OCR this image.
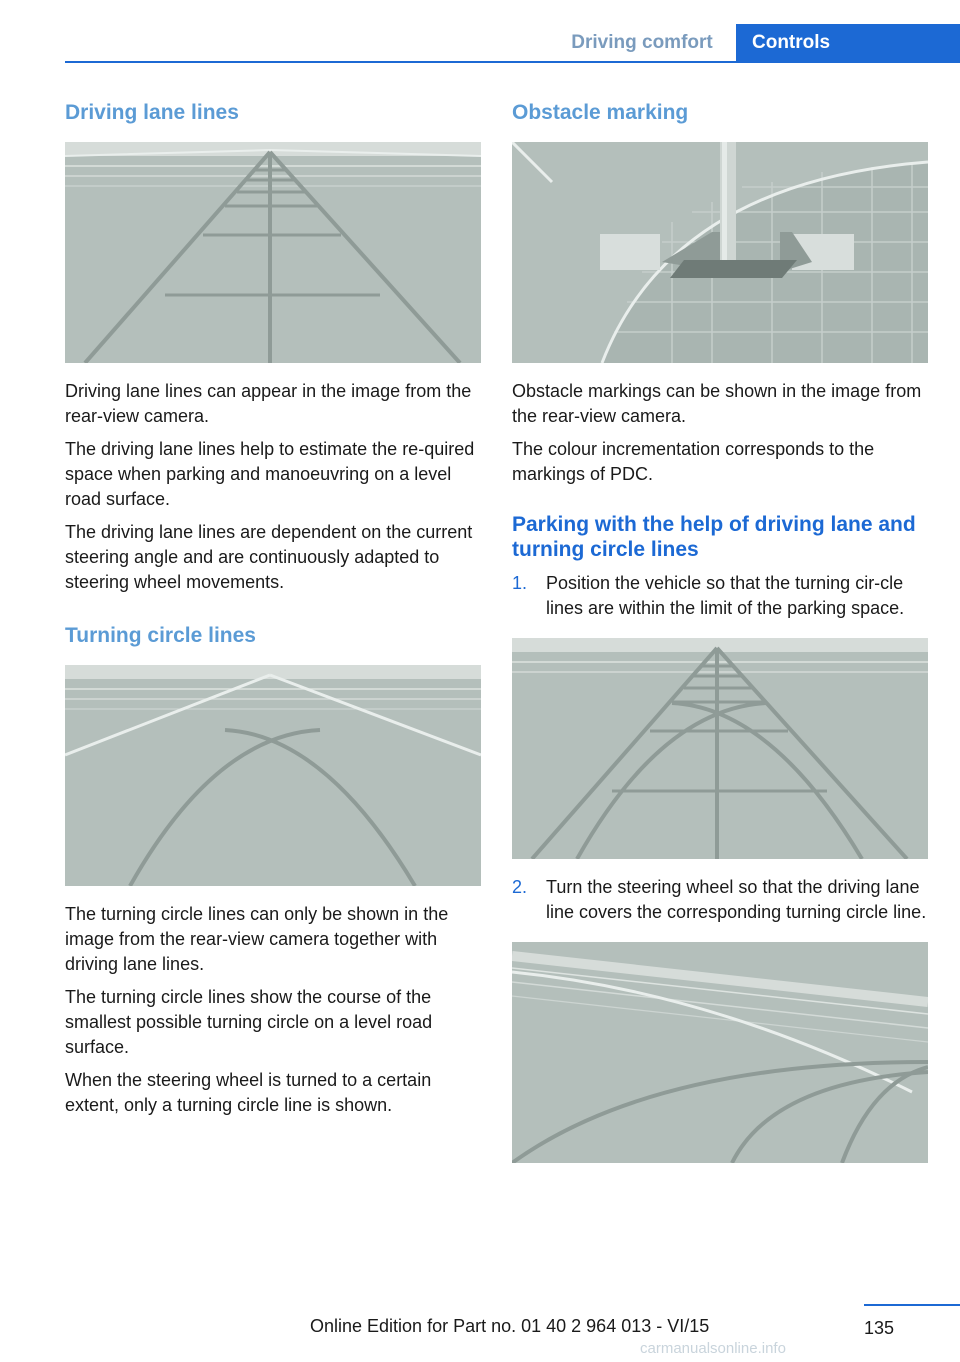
Driving comfort	Controls
Driving lane lines

Driving lane lines can appear in the image from the rear-view camera.

The driving lane lines help to estimate the re‐quired space when parking and manoeuvring on a level road surface.

The driving lane lines are dependent on the current steering angle and are continuously adapted to steering wheel movements.

Turning circle lines

The turning circle lines can only be shown in the image from the rear-view camera together with driving lane lines.

The turning circle lines show the course of the smallest possible turning circle on a level road surface.

When the steering wheel is turned to a certain extent, only a turning circle line is shown.

Obstacle marking

Obstacle markings can be shown in the image from the rear-view camera.

The colour incrementation corresponds to the markings of PDC.

Parking with the help of driving lane and turning circle lines
1.	Position the vehicle so that the turning cir‐cle lines are within the limit of the parking space.
2.	Turn the steering wheel so that the driving lane line covers the corresponding turning circle line.
Online Edition for Part no. 01 40 2 964 013 - VI/15	135
carmanualsonline.info
